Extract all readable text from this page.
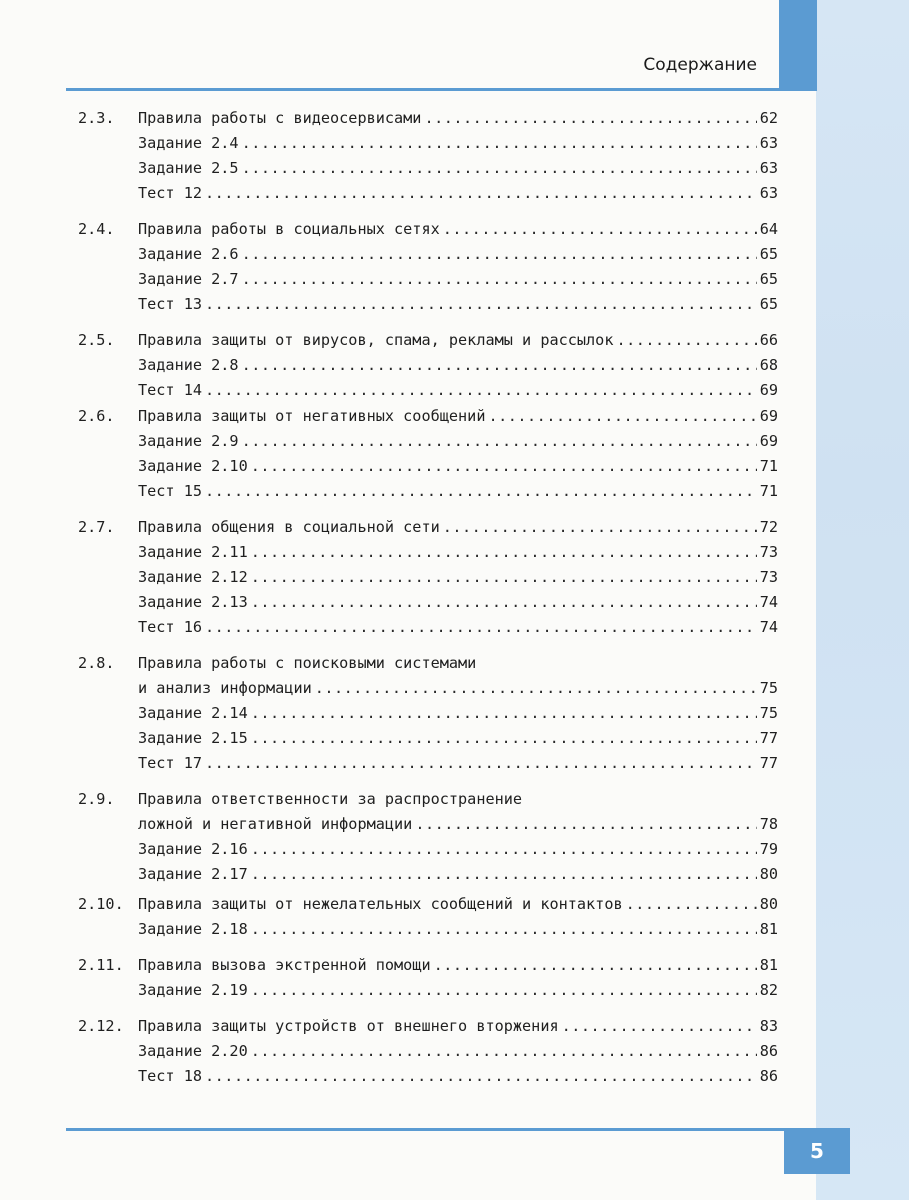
Содержание
2.3.	Правила работы с видеосервисами .....	62
Задание 2.4 .....	63
Задание 2.5 .....	63
Тест 12 .....	63
2.4.	Правила работы в социальных сетях .....	64
Задание 2.6 .....	65
Задание 2.7 .....	65
Тест 13 .....	65
2.5.	Правила защиты от вирусов, спама, рекламы и рассылок .....	66
Задание 2.8 .....	68
Тест 14 .....	69
2.6.	Правила защиты от негативных сообщений .....	69
Задание 2.9 .....	69
Задание 2.10 .....	71
Тест 15 .....	71
2.7.	Правила общения в социальной сети .....	72
Задание 2.11 .....	73
Задание 2.12 .....	73
Задание 2.13 .....	74
Тест 16 .....	74
2.8.	Правила работы с поисковыми системами
и анализ информации .....	75
Задание 2.14 .....	75
Задание 2.15 .....	77
Тест 17 .....	77
2.9.	Правила ответственности за распространение
ложной и негативной информации .....	78
Задание 2.16 .....	79
Задание 2.17 .....	80
2.10. Правила защиты от нежелательных сообщений и контактов .....	80
Задание 2.18 .....	81
2.11. Правила вызова экстренной помощи .....	81
Задание 2.19 .....	82
2.12. Правила защиты устройств от внешнего вторжения .....	83
Задание 2.20 .....	86
Тест 18 .....	86
5
